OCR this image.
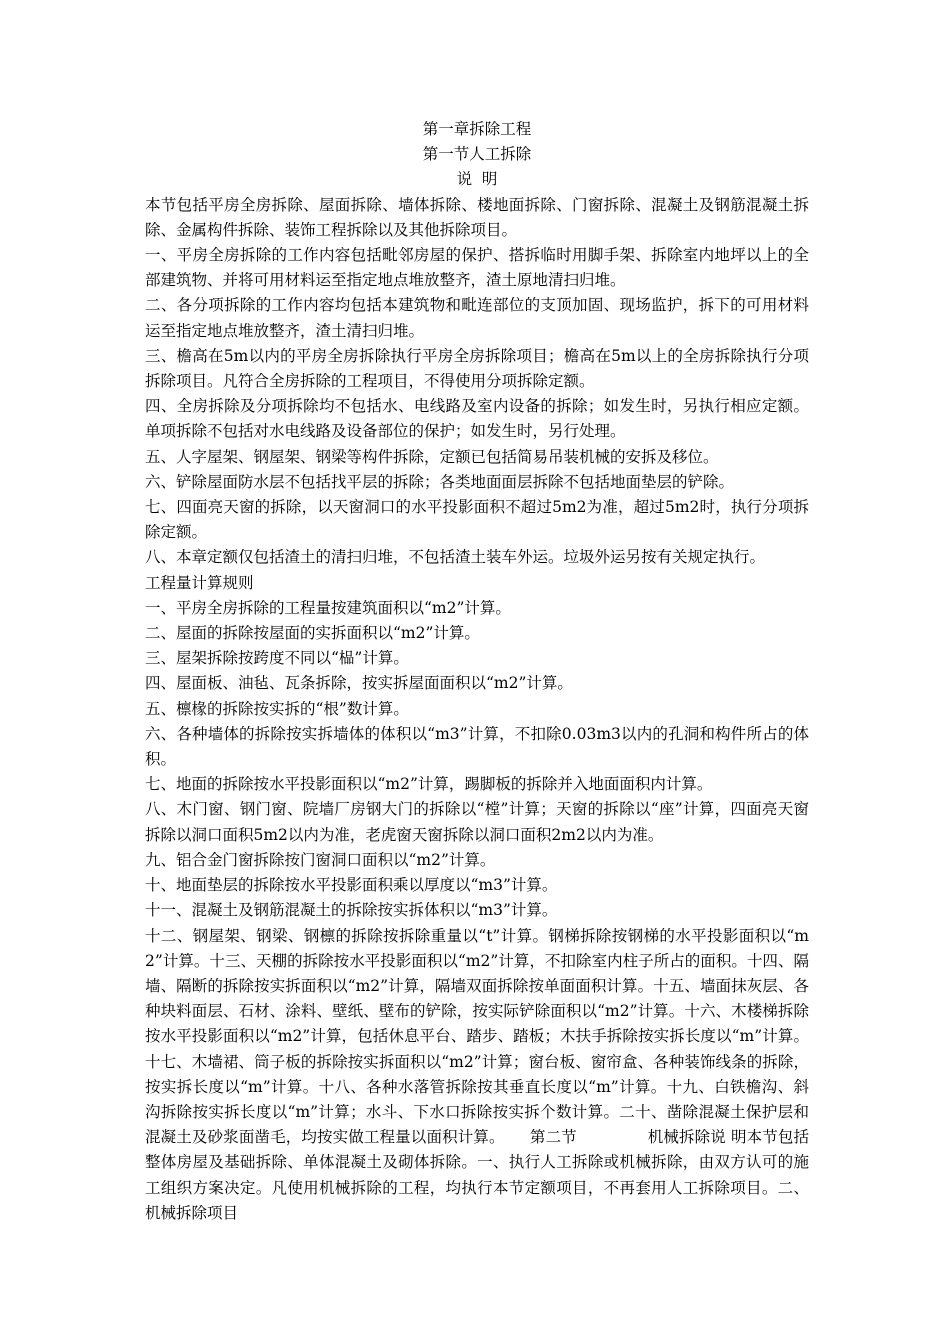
第一章拆除工程
第一节人工拆除
说  明
本节包括平房全房拆除、屋面拆除、墙体拆除、楼地面拆除、门窗拆除、混凝土及钢筋混凝土拆除、金属构件拆除、装饰工程拆除以及其他拆除项目。
一、平房全房拆除的工作内容包括毗邻房屋的保护、搭拆临时用脚手架、拆除室内地坪以上的全部建筑物、并将可用材料运至指定地点堆放整齐，渣土原地清扫归堆。
二、各分项拆除的工作内容均包括本建筑物和毗连部位的支顶加固、现场监护，拆下的可用材料运至指定地点堆放整齐，渣土清扫归堆。
三、檐高在5m以内的平房全房拆除执行平房全房拆除项目；檐高在5m以上的全房拆除执行分项拆除项目。凡符合全房拆除的工程项目，不得使用分项拆除定额。
四、全房拆除及分项拆除均不包括水、电线路及室内设备的拆除；如发生时，另执行相应定额。单项拆除不包括对水电线路及设备部位的保护；如发生时，另行处理。
五、人字屋架、钢屋架、钢梁等构件拆除，定额已包括简易吊装机械的安拆及移位。
六、铲除屋面防水层不包括找平层的拆除；各类地面面层拆除不包括地面垫层的铲除。
七、四面亮天窗的拆除，以天窗洞口的水平投影面积不超过5m2为准，超过5m2时，执行分项拆除定额。
八、本章定额仅包括渣土的清扫归堆，不包括渣土装车外运。垃圾外运另按有关规定执行。
工程量计算规则
一、平房全房拆除的工程量按建筑面积以“m2”计算。
二、屋面的拆除按屋面的实拆面积以“m2”计算。
三、屋架拆除按跨度不同以“榀”计算。
四、屋面板、油毡、瓦条拆除，按实拆屋面面积以“m2”计算。
五、檩椽的拆除按实拆的“根”数计算。
六、各种墙体的拆除按实拆墙体的体积以“m3”计算，不扣除0.03m3以内的孔洞和构件所占的体积。
七、地面的拆除按水平投影面积以“m2”计算，踢脚板的拆除并入地面面积内计算。
八、木门窗、钢门窗、院墙厂房钢大门的拆除以“樘”计算；天窗的拆除以“座”计算，四面亮天窗拆除以洞口面积5m2以内为准，老虎窗天窗拆除以洞口面积2m2以内为准。
九、铝合金门窗拆除按门窗洞口面积以“m2”计算。
十、地面垫层的拆除按水平投影面积乘以厚度以“m3”计算。
十一、混凝土及钢筋混凝土的拆除按实拆体积以“m3”计算。
十二、钢屋架、钢梁、钢檩的拆除按拆除重量以“t”计算。钢梯拆除按钢梯的水平投影面积以“m2”计算。十三、天棚的拆除按水平投影面积以“m2”计算，不扣除室内柱子所占的面积。十四、隔墙、隔断的拆除按实拆面积以“m2”计算，隔墙双面拆除按单面面积计算。十五、墙面抹灰层、各种块料面层、石材、涂料、壁纸、壁布的铲除，按实际铲除面积以“m2”计算。十六、木楼梯拆除按水平投影面积以“m2”计算，包括休息平台、踏步、踏板；木扶手拆除按实拆长度以“m”计算。十七、木墙裙、筒子板的拆除按实拆面积以“m2”计算；窗台板、窗帘盒、各种装饰线条的拆除，按实拆长度以“m”计算。十八、各种水落管拆除按其垂直长度以“m”计算。十九、白铁檐沟、斜沟拆除按实拆长度以“m”计算；水斗、下水口拆除按实拆个数计算。二十、凿除混凝土保护层和混凝土及砂浆面凿毛，均按实做工程量以面积计算。     第二节              机械拆除说 明本节包括整体房屋及基础拆除、单体混凝土及砌体拆除。一、执行人工拆除或机械拆除，由双方认可的施工组织方案决定。凡使用机械拆除的工程，均执行本节定额项目，不再套用人工拆除项目。二、机械拆除项目
